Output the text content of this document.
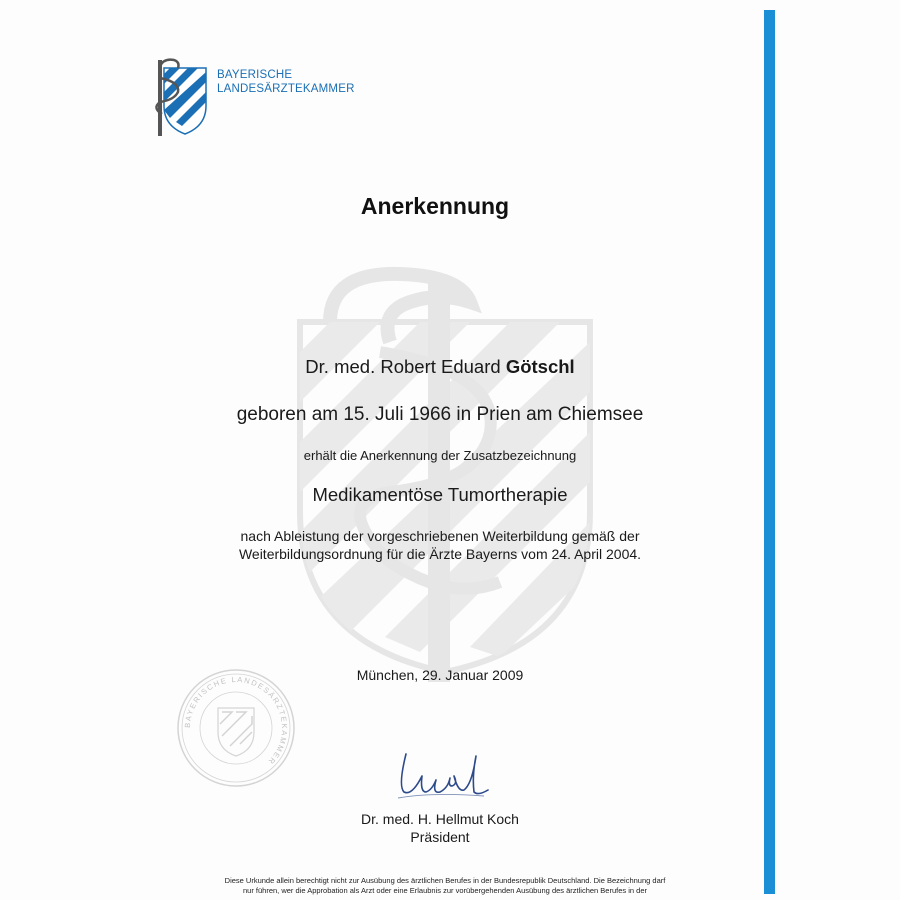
BAYERISCHE
LANDESÄRZTEKAMMER
Anerkennung
Dr. med. Robert Eduard Götschl
geboren am 15. Juli 1966 in Prien am Chiemsee
erhält die Anerkennung der Zusatzbezeichnung
Medikamentöse Tumortherapie
nach Ableistung der vorgeschriebenen Weiterbildung gemäß der
Weiterbildungsordnung für die Ärzte Bayerns vom 24. April 2004.
München, 29. Januar 2009
BAYERISCHE LANDESÄRZTEKAMMER
Dr. med. H. Hellmut Koch
Präsident
Diese Urkunde allein berechtigt nicht zur Ausübung des ärztlichen Berufes in der Bundesrepublik Deutschland. Die Bezeichnung darf
nur führen, wer die Approbation als Arzt oder eine Erlaubnis zur vorübergehenden Ausübung des ärztlichen Berufes in der
